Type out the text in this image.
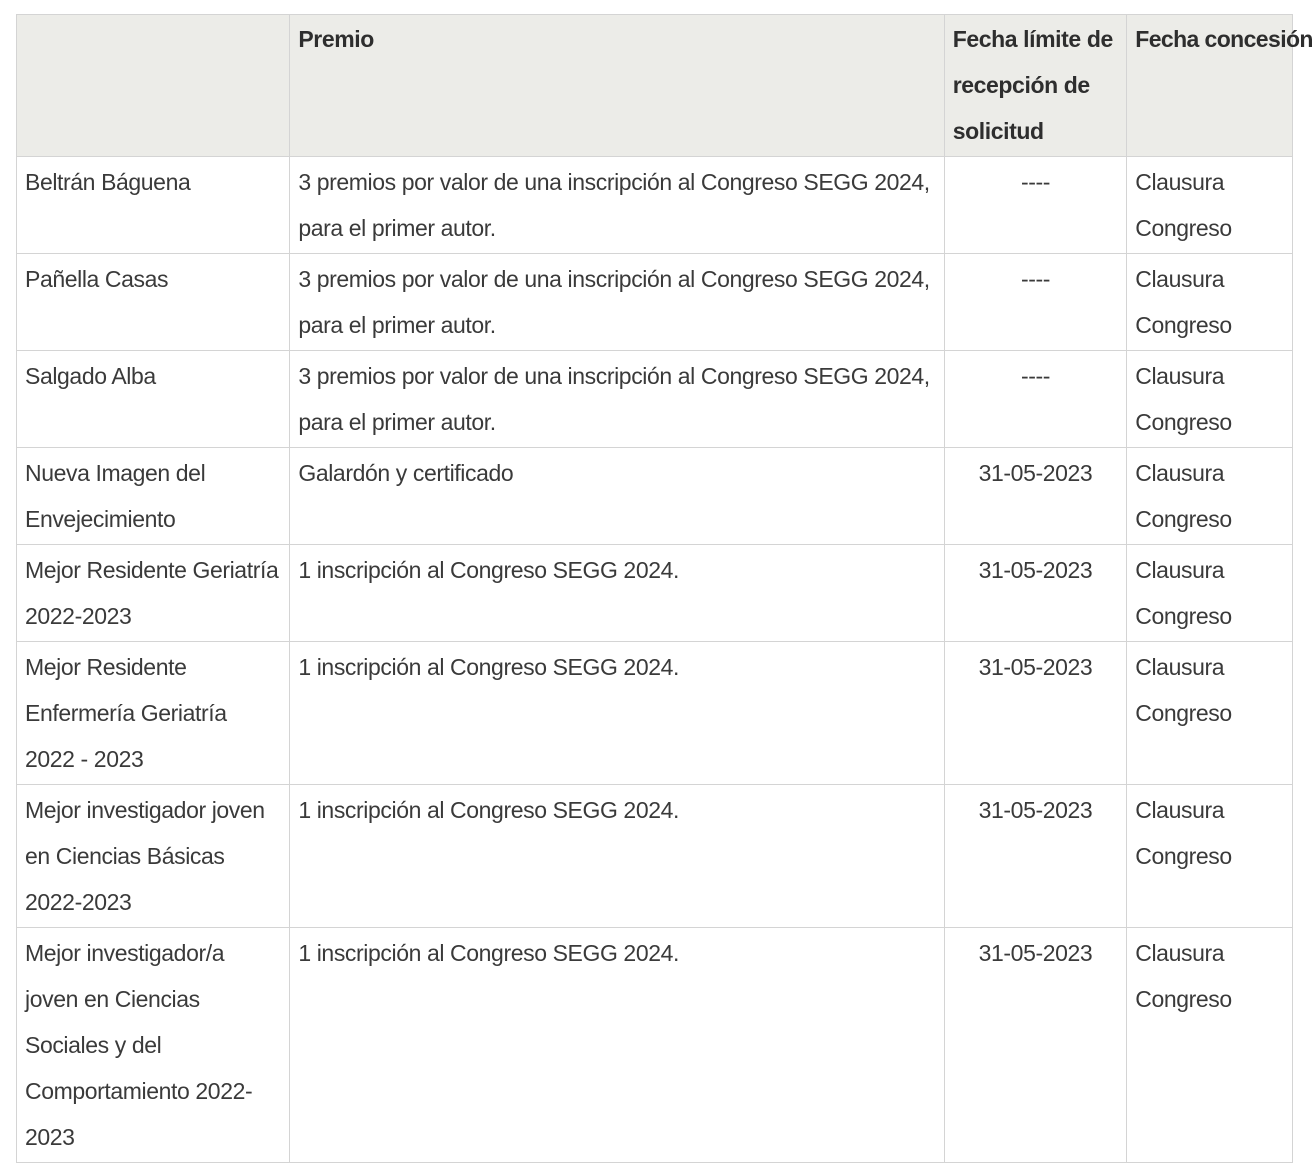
	Premio	Fecha límite de recepción de solicitud	Fecha concesión
Beltrán Báguena	3 premios por valor de una inscripción al Congreso SEGG 2024, para el primer autor.	----	Clausura Congreso
Pañella Casas	3 premios por valor de una inscripción al Congreso SEGG 2024, para el primer autor.	----	Clausura Congreso
Salgado Alba	3 premios por valor de una inscripción al Congreso SEGG 2024, para el primer autor.	----	Clausura Congreso
Nueva Imagen del Envejecimiento	Galardón y certificado	31-05-2023	Clausura Congreso
Mejor Residente Geriatría 2022-2023	1 inscripción al Congreso SEGG 2024.	31-05-2023	Clausura Congreso
Mejor Residente Enfermería Geriatría 2022 - 2023	1 inscripción al Congreso SEGG 2024.	31-05-2023	Clausura Congreso
Mejor investigador joven en Ciencias Básicas 2022-2023	1 inscripción al Congreso SEGG 2024.	31-05-2023	Clausura Congreso
Mejor investigador/a joven en Ciencias Sociales y del Comportamiento 2022-2023	1 inscripción al Congreso SEGG 2024.	31-05-2023	Clausura Congreso
